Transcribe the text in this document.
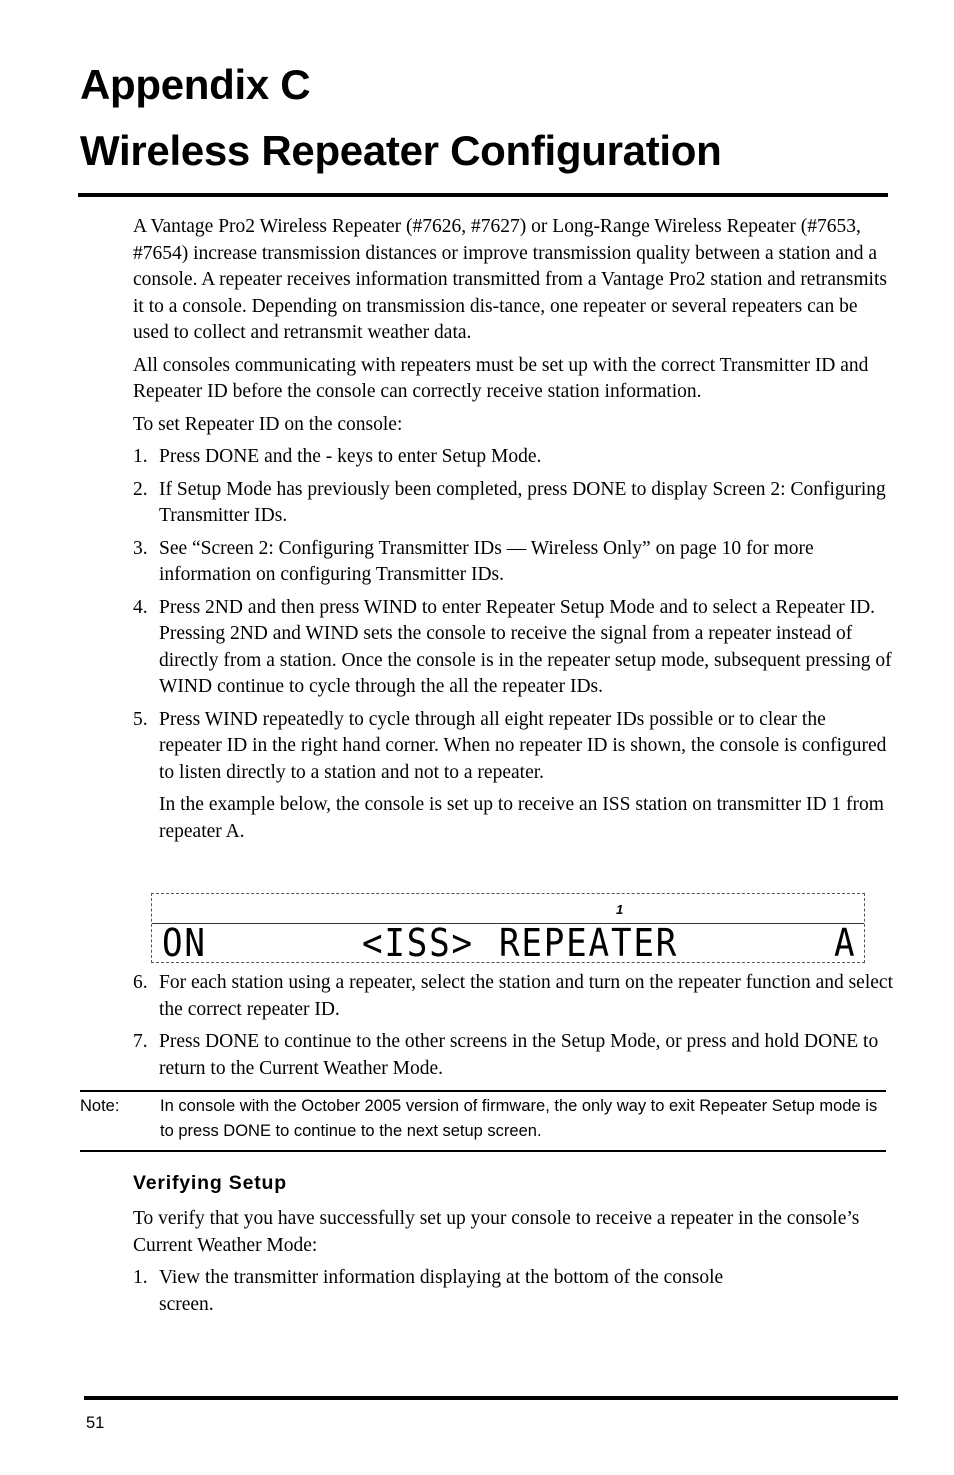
Appendix C
Wireless Repeater Configuration

A Vantage Pro2 Wireless Repeater (#7626, #7627) or Long-Range Wireless Repeater (#7653, #7654) increase transmission distances or improve transmission quality between a station and a console. A repeater receives information transmitted from a Vantage Pro2 station and retransmits it to a console. Depending on transmission dis-tance, one repeater or several repeaters can be used to collect and retransmit weather data.

All consoles communicating with repeaters must be set up with the correct Transmitter ID and Repeater ID before the console can correctly receive station information.

To set Repeater ID on the console:

1. Press DONE and the - keys to enter Setup Mode.
2. If Setup Mode has previously been completed, press DONE to display Screen 2: Configuring Transmitter IDs.
3. See “Screen 2: Configuring Transmitter IDs — Wireless Only” on page 10 for more information on configuring Transmitter IDs.
4. Press 2ND and then press WIND to enter Repeater Setup Mode and to select a Repeater ID. Pressing 2ND and WIND sets the console to receive the signal from a repeater instead of directly from a station. Once the console is in the repeater setup mode, subsequent pressing of WIND continue to cycle through the all the repeater IDs.
5. Press WIND repeatedly to cycle through all eight repeater IDs possible or to clear the repeater ID in the right hand corner. When no repeater ID is shown, the console is configured to listen directly to a station and not to a repeater.

In the example below, the console is set up to receive an ISS station on transmitter ID 1 from repeater A.

1
ON	<ISS> REPEATER	A
6. For each station using a repeater, select the station and turn on the repeater function and select the correct repeater ID.
7. Press DONE to continue to the other screens in the Setup Mode, or press and hold DONE to return to the Current Weather Mode.
Note: In console with the October 2005 version of firmware, the only way to exit Repeater Setup mode is to press DONE to continue to the next setup screen.
Verifying Setup

To verify that you have successfully set up your console to receive a repeater in the console’s Current Weather Mode:

1. View the transmitter information displaying at the bottom of the console screen.
51
